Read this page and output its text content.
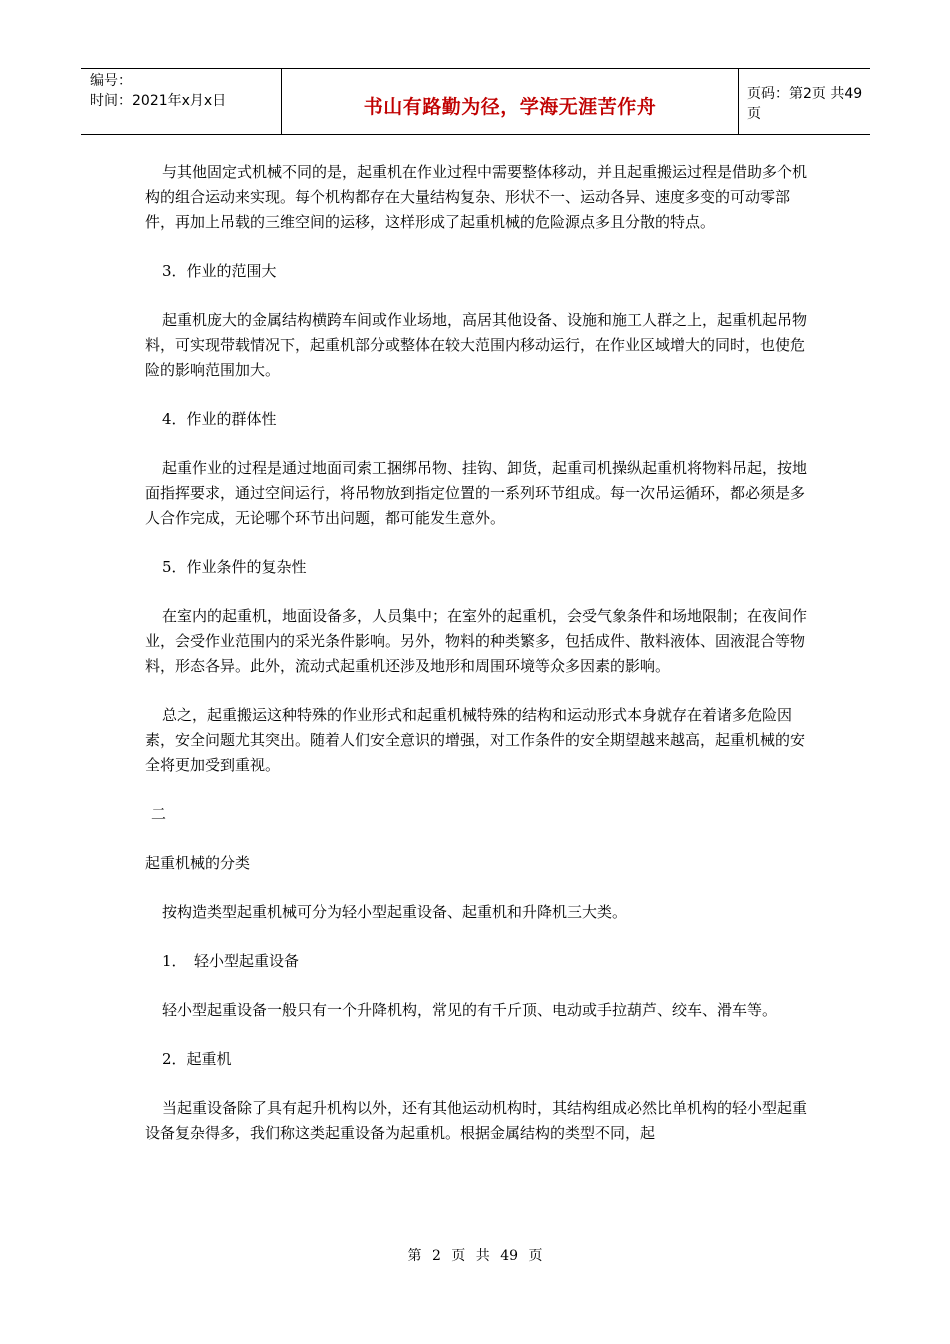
编号：
时间：2021年x月x日	书山有路勤为径，学海无涯苦作舟
页码：第2页 共49页

与其他固定式机械不同的是，起重机在作业过程中需要整体移动，并且起重搬运过程是借助多个机构的组合运动来实现。每个机构都存在大量结构复杂、形状不一、运动各异、速度多变的可动零部件，再加上吊载的三维空间的运移，这样形成了起重机械的危险源点多且分散的特点。

3．作业的范围大

起重机庞大的金属结构横跨车间或作业场地，高居其他设备、设施和施工人群之上，起重机起吊物料，可实现带载情况下，起重机部分或整体在较大范围内移动运行，在作业区域增大的同时，也使危险的影响范围加大。

4．作业的群体性

起重作业的过程是通过地面司索工捆绑吊物、挂钩、卸货，起重司机操纵起重机将物料吊起，按地面指挥要求，通过空间运行，将吊物放到指定位置的一系列环节组成。每一次吊运循环，都必须是多人合作完成，无论哪个环节出问题，都可能发生意外。

5．作业条件的复杂性

在室内的起重机，地面设备多，人员集中；在室外的起重机，会受气象条件和场地限制；在夜间作业，会受作业范围内的采光条件影响。另外，物料的种类繁多，包括成件、散料液体、固液混合等物料，形态各异。此外，流动式起重机还涉及地形和周围环境等众多因素的影响。

总之，起重搬运这种特殊的作业形式和起重机械特殊的结构和运动形式本身就存在着诸多危险因素，安全问题尤其突出。随着人们安全意识的增强，对工作条件的安全期望越来越高，起重机械的安全将更加受到重视。

二

起重机械的分类

按构造类型起重机械可分为轻小型起重设备、起重机和升降机三大类。

1．　轻小型起重设备

轻小型起重设备一般只有一个升降机构，常见的有千斤顶、电动或手拉葫芦、绞车、滑车等。

2．起重机

当起重设备除了具有起升机构以外，还有其他运动机构时，其结构组成必然比单机构的轻小型起重设备复杂得多，我们称这类起重设备为起重机。根据金属结构的类型不同，起

第 2 页 共 49 页
